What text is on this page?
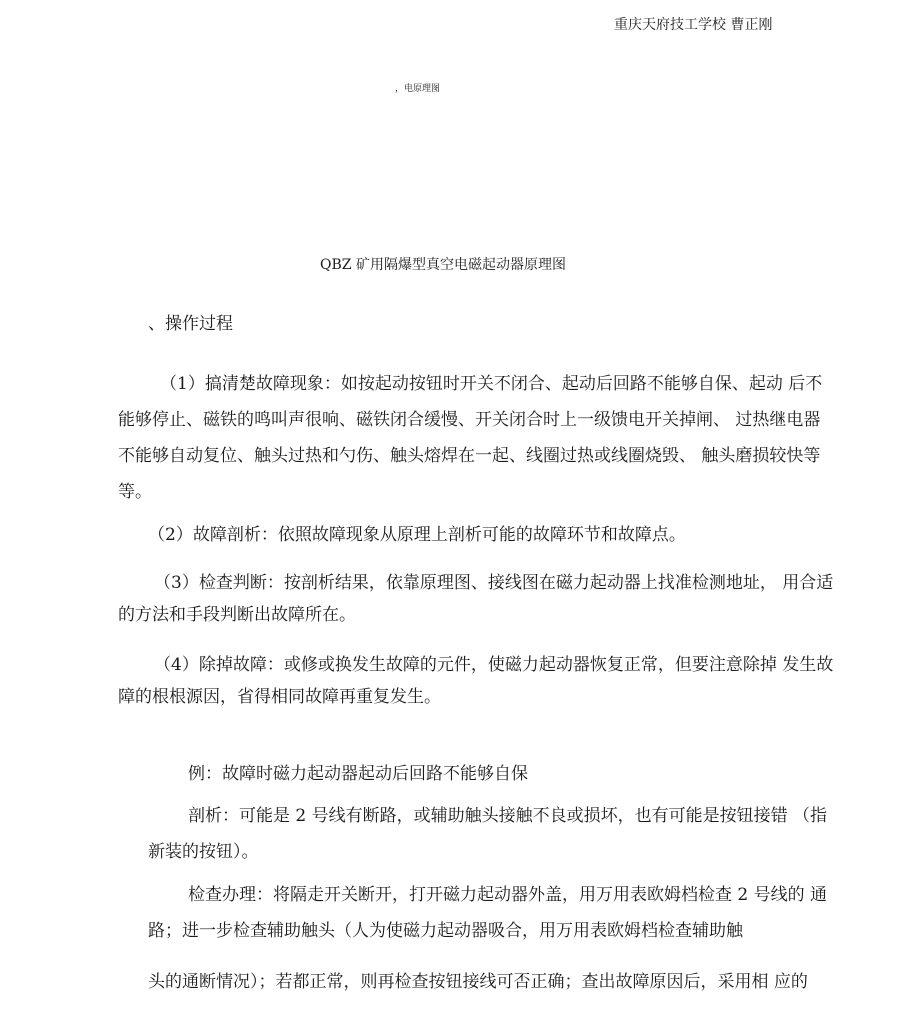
重庆天府技工学校 曹正刚
，电原理图
QBZ 矿用隔爆型真空电磁起动器原理图
、操作过程
（1）搞清楚故障现象：如按起动按钮时开关不闭合、起动后回路不能够自保、起动 后不
能够停止、磁铁的鸣叫声很响、磁铁闭合缓慢、开关闭合时上一级馈电开关掉闸、 过热继电器
不能够自动复位、触头过热和勺伤、触头熔焊在一起、线圈过热或线圈烧毁、 触头磨损较快等
等。
（2）故障剖析：依照故障现象从原理上剖析可能的故障环节和故障点。
（3）检查判断：按剖析结果，依靠原理图、接线图在磁力起动器上找准检测地址， 用合适
的方法和手段判断出故障所在。
（4）除掉故障：或修或换发生故障的元件，使磁力起动器恢复正常，但要注意除掉 发生故
障的根根源因，省得相同故障再重复发生。
例：故障时磁力起动器起动后回路不能够自保
剖析：可能是 2 号线有断路，或辅助触头接触不良或损坏，也有可能是按钮接错 （指
新装的按钮）。
检查办理：将隔走开关断开，打开磁力起动器外盖，用万用表欧姆档检查 2 号线的 通
路；进一步检查辅助触头（人为使磁力起动器吸合，用万用表欧姆档检查辅助触
头的通断情况）；若都正常，则再检查按钮接线可否正确；查出故障原因后，采用相 应的
